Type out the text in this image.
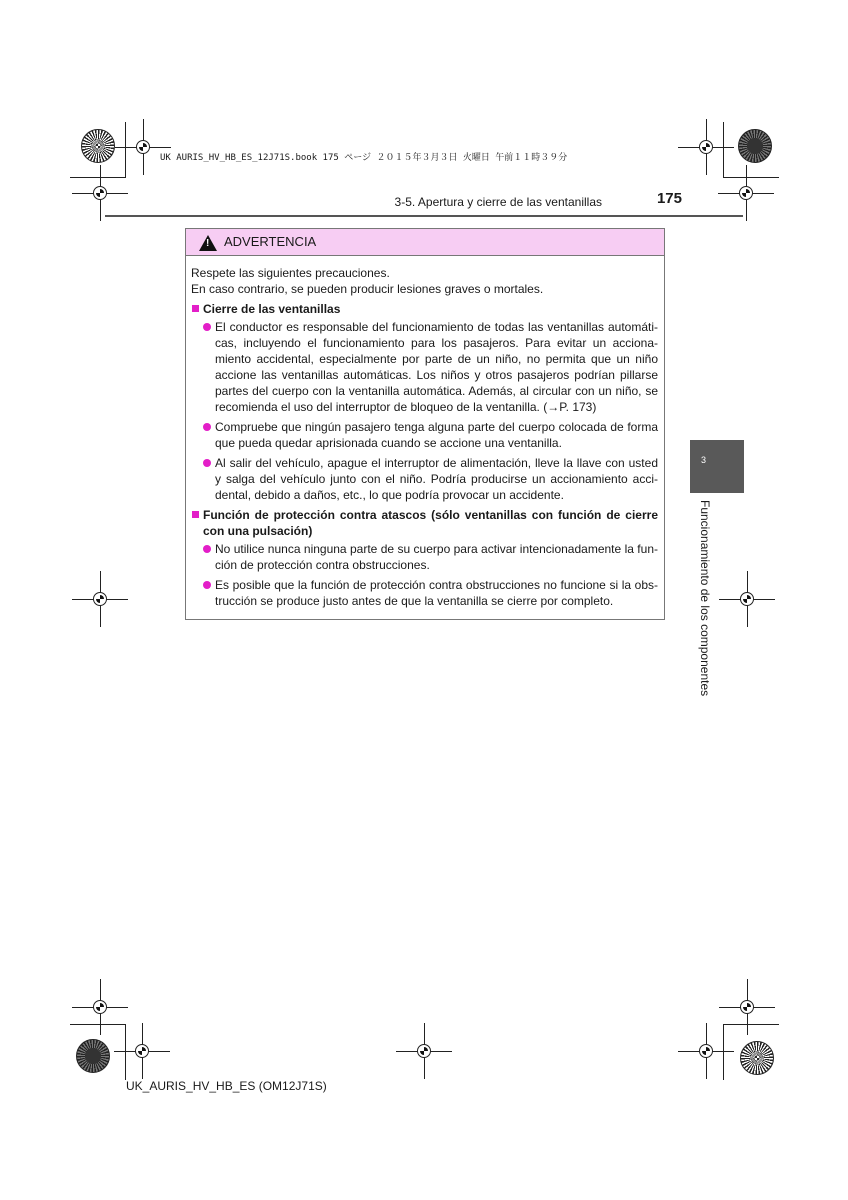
UK AURIS_HV_HB_ES_12J71S.book 175 ページ ２０１５年３月３日 火曜日 午前１１時３９分
3-5. Apertura y cierre de las ventanillas	175
3
Funcionamiento de los componentes
!
ADVERTENCIA
Respete las siguientes precauciones.
En caso contrario, se pueden producir lesiones graves o mortales.
Cierre de las ventanillas
El conductor es responsable del funcionamiento de todas las ventanillas automáti-
cas, incluyendo el funcionamiento para los pasajeros. Para evitar un acciona-
miento accidental, especialmente por parte de un niño, no permita que un niño
accione las ventanillas automáticas. Los niños y otros pasajeros podrían pillarse
partes del cuerpo con la ventanilla automática. Además, al circular con un niño, se
recomienda el uso del interruptor de bloqueo de la ventanilla. (→P. 173)
Compruebe que ningún pasajero tenga alguna parte del cuerpo colocada de forma
que pueda quedar aprisionada cuando se accione una ventanilla.
Al salir del vehículo, apague el interruptor de alimentación, lleve la llave con usted
y salga del vehículo junto con el niño. Podría producirse un accionamiento acci-
dental, debido a daños, etc., lo que podría provocar un accidente.
Función de protección contra atascos (sólo ventanillas con función de cierre
con una pulsación)
No utilice nunca ninguna parte de su cuerpo para activar intencionadamente la fun-
ción de protección contra obstrucciones.
Es posible que la función de protección contra obstrucciones no funcione si la obs-
trucción se produce justo antes de que la ventanilla se cierre por completo.
UK_AURIS_HV_HB_ES (OM12J71S)
